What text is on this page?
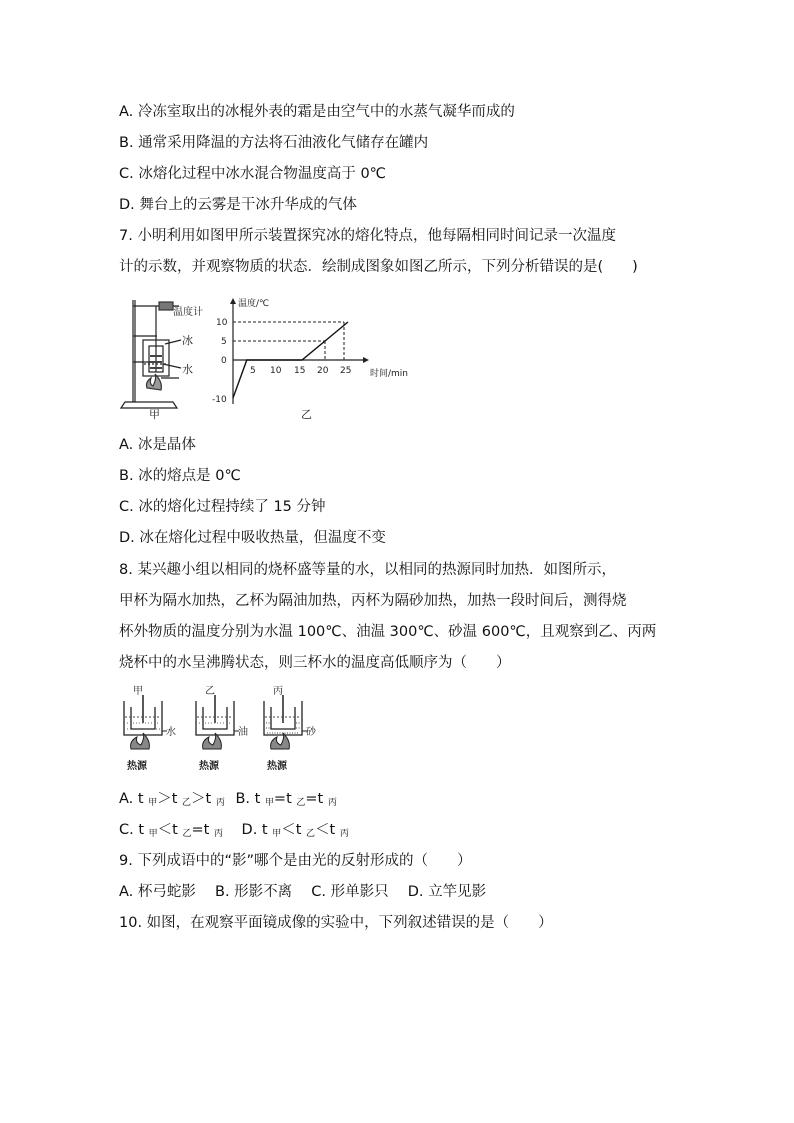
A. 冷冻室取出的冰棍外表的霜是由空气中的水蒸气凝华而成的
B. 通常采用降温的方法将石油液化气储存在罐内
C. 冰熔化过程中冰水混合物温度高于 0℃
D. 舞台上的云雾是干冰升华成的气体
7. 小明利用如图甲所示装置探究冰的熔化特点，他每隔相同时间记录一次温度
计的示数，并观察物质的状态．绘制成图象如图乙所示，下列分析错误的是(　　)
温度计
冰
水
甲
温度/℃
时间/min
10
5
0
-10
5 10 15 20 25
乙
A. 冰是晶体
B. 冰的熔点是 0℃
C. 冰的熔化过程持续了 15 分钟
D. 冰在熔化过程中吸收热量，但温度不变
8. 某兴趣小组以相同的烧杯盛等量的水，以相同的热源同时加热．如图所示，
甲杯为隔水加热，乙杯为隔油加热，丙杯为隔砂加热，加热一段时间后，测得烧
杯外物质的温度分别为水温 100℃、油温 300℃、砂温 600℃，且观察到乙、丙两
烧杯中的水呈沸腾状态，则三杯水的温度高低顺序为（　　）
甲
水
热源
乙
油
热源
丙
砂
热源
A. t $_甲$＞t $_乙$＞t $_丙$ B. t $_甲$=t $_乙$=t $_丙$
C. t $_甲$＜t $_乙$=t $_丙$ D. t $_甲$＜t $_乙$＜t $_丙$
9. 下列成语中的“影”哪个是由光的反射形成的（　　）
A. 杯弓蛇影　 B. 形影不离　 C. 形单影只　 D. 立竿见影
10. 如图，在观察平面镜成像的实验中，下列叙述错误的是（　　）
